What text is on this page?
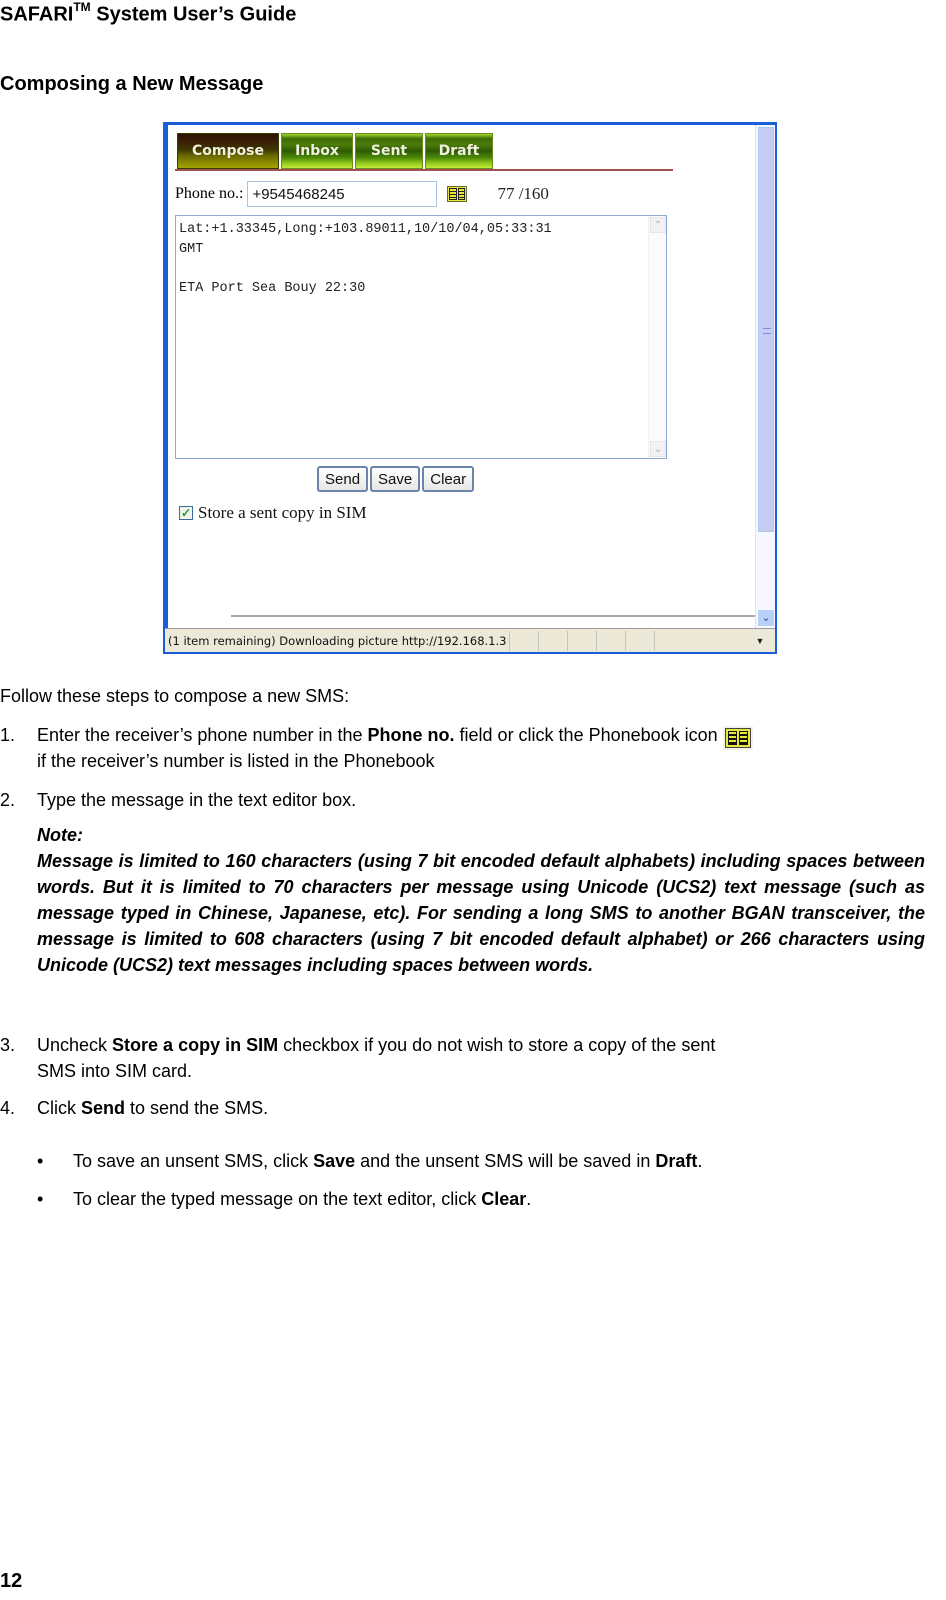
SAFARI™ System User’s Guide
Composing a New Message
Compose	Inbox	Sent	Draft
Phone no.:
+9545468245	77 /160
Lat:+1.33345,Long:+103.89011,10/10/04,05:33:31 GMT ETA Port Sea Bouy 22:30
⌃
⌄
Send	Save	Clear
✓ Store a sent copy in SIM
⌄
(1 item remaining) Downloading picture http://192.168.1.3	▼
Follow these steps to compose a new SMS:
1.	Enter the receiver’s phone number in the Phone no. field or click the Phonebook icon
if the receiver’s number is listed in the Phonebook
2.	Type the message in the text editor box.
Note:
Message is limited to 160 characters (using 7 bit encoded default alphabets) including spaces between words. But it is limited to 70 characters per message using Unicode (UCS2) text message (such as message typed in Chinese, Japanese, etc). For sending a long SMS to another BGAN transceiver, the message is limited to 608 characters (using 7 bit encoded default alphabet) or 266 characters using Unicode (UCS2) text messages including spaces between words.
3.	Uncheck Store a copy in SIM checkbox if you do not wish to store a copy of the sent
SMS into SIM card.
4.	Click Send to send the SMS.
• To save an unsent SMS, click Save and the unsent SMS will be saved in Draft.
• To clear the typed message on the text editor, click Clear.
12
